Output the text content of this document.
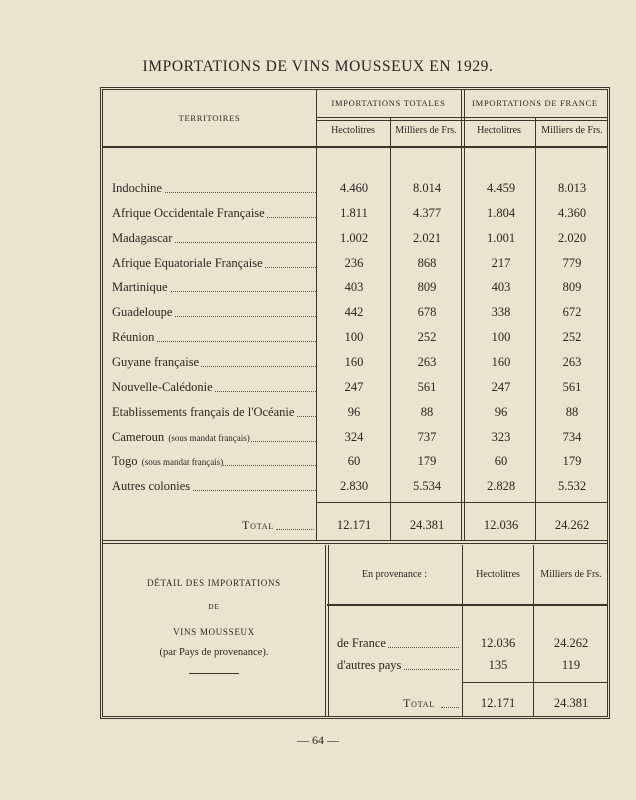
IMPORTATIONS DE VINS MOUSSEUX EN 1929.
TERRITOIRES
IMPORTATIONS TOTALES	IMPORTATIONS DE FRANCE
Hectolitres	Milliers de Frs.	Hectolitres	Milliers de Frs.
Indochine	4.460	8.014	4.459	8.013
Afrique Occidentale Française	1.811	4.377	1.804	4.360
Madagascar	1.002	2.021	1.001	2.020
Afrique Equatoriale Française	236	868	217	779
Martinique	403	809	403	809
Guadeloupe	442	678	338	672
Réunion	100	252	100	252
Guyane française	160	263	160	263
Nouvelle-Calédonie	247	561	247	561
Etablissements français de l'Océanie	96	88	96	88
Cameroun (sous mandat français)	324	737	323	734
Togo (sous mandat français)	60	179	60	179
Autres colonies	2.830	5.534	2.828	5.532
Total	12.171	24.381	12.036	24.262
DÉTAIL DES IMPORTATIONS
DE
VINS MOUSSEUX
(par Pays de provenance).
En provenance :	Hectolitres	Milliers de Frs.
de France	12.036	24.262
d'autres pays	135	119
Total	12.171	24.381
— 64 —
